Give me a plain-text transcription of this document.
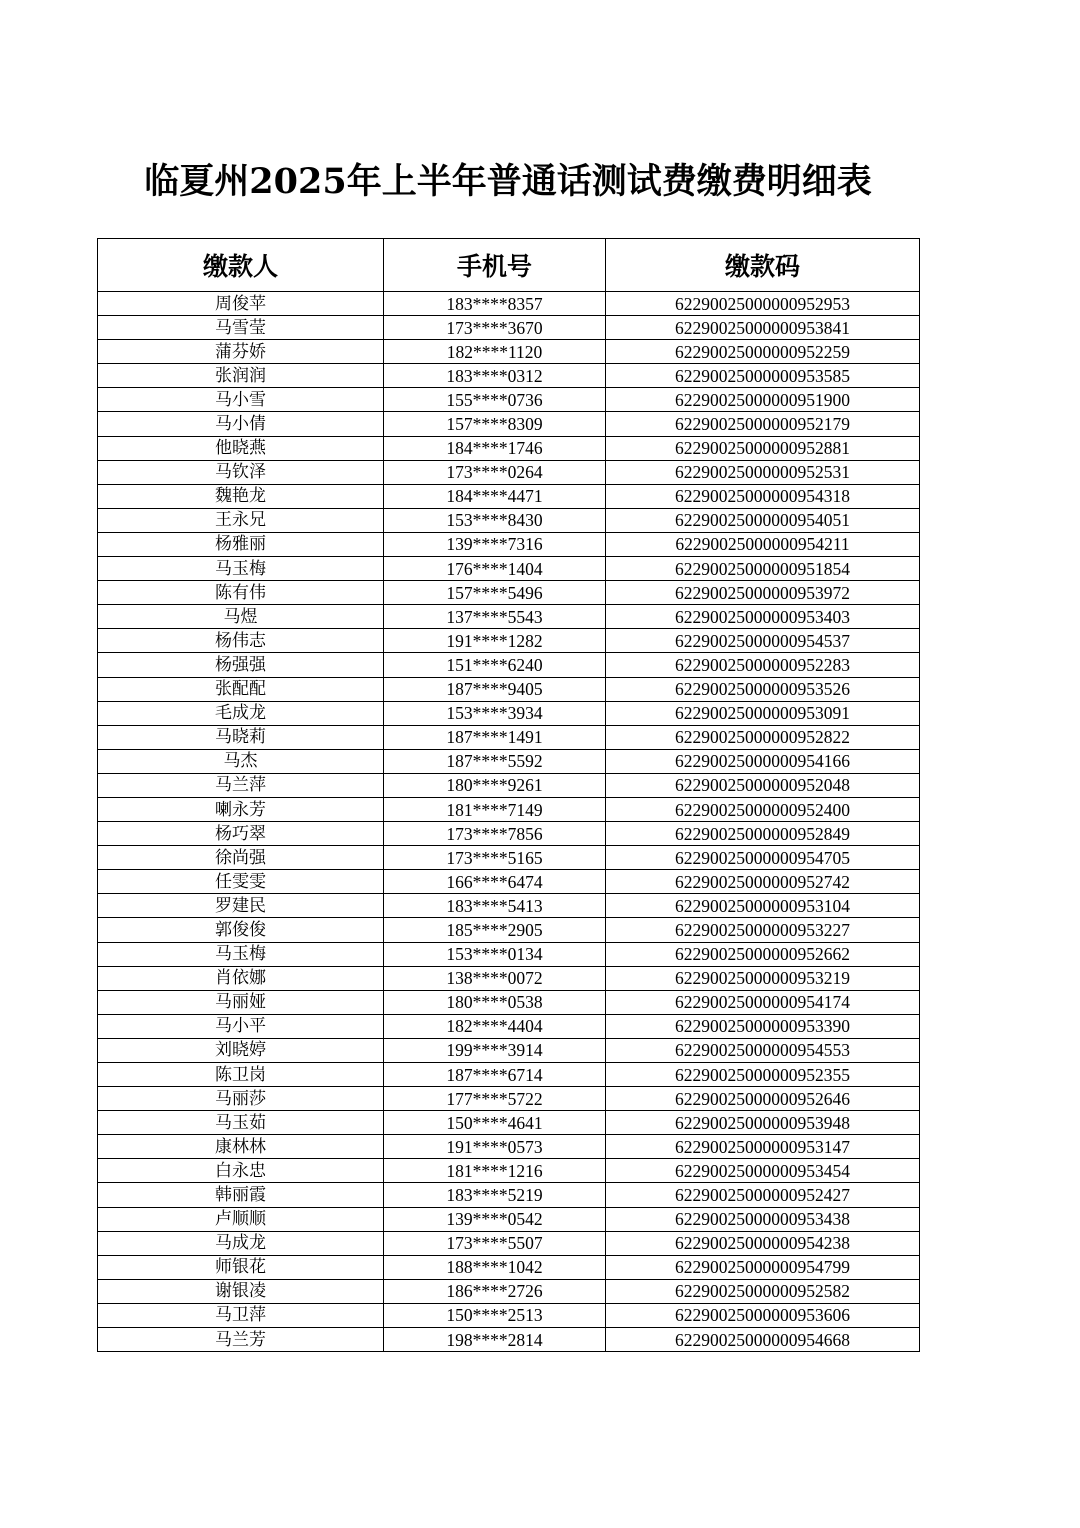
临夏州2025年上半年普通话测试费缴费明细表
缴款人	手机号	缴款码
周俊苹	183****8357	62290025000000952953
马雪莹	173****3670	62290025000000953841
蒲芬娇	182****1120	62290025000000952259
张润润	183****0312	62290025000000953585
马小雪	155****0736	62290025000000951900
马小倩	157****8309	62290025000000952179
他晓燕	184****1746	62290025000000952881
马钦泽	173****0264	62290025000000952531
魏艳龙	184****4471	62290025000000954318
王永兄	153****8430	62290025000000954051
杨雅丽	139****7316	62290025000000954211
马玉梅	176****1404	62290025000000951854
陈有伟	157****5496	62290025000000953972
马煜	137****5543	62290025000000953403
杨伟志	191****1282	62290025000000954537
杨强强	151****6240	62290025000000952283
张配配	187****9405	62290025000000953526
毛成龙	153****3934	62290025000000953091
马晓莉	187****1491	62290025000000952822
马杰	187****5592	62290025000000954166
马兰萍	180****9261	62290025000000952048
喇永芳	181****7149	62290025000000952400
杨巧翠	173****7856	62290025000000952849
徐尚强	173****5165	62290025000000954705
任雯雯	166****6474	62290025000000952742
罗建民	183****5413	62290025000000953104
郭俊俊	185****2905	62290025000000953227
马玉梅	153****0134	62290025000000952662
肖依娜	138****0072	62290025000000953219
马丽娅	180****0538	62290025000000954174
马小平	182****4404	62290025000000953390
刘晓婷	199****3914	62290025000000954553
陈卫岗	187****6714	62290025000000952355
马丽莎	177****5722	62290025000000952646
马玉茹	150****4641	62290025000000953948
康林林	191****0573	62290025000000953147
白永忠	181****1216	62290025000000953454
韩丽霞	183****5219	62290025000000952427
卢顺顺	139****0542	62290025000000953438
马成龙	173****5507	62290025000000954238
师银花	188****1042	62290025000000954799
谢银凌	186****2726	62290025000000952582
马卫萍	150****2513	62290025000000953606
马兰芳	198****2814	62290025000000954668
